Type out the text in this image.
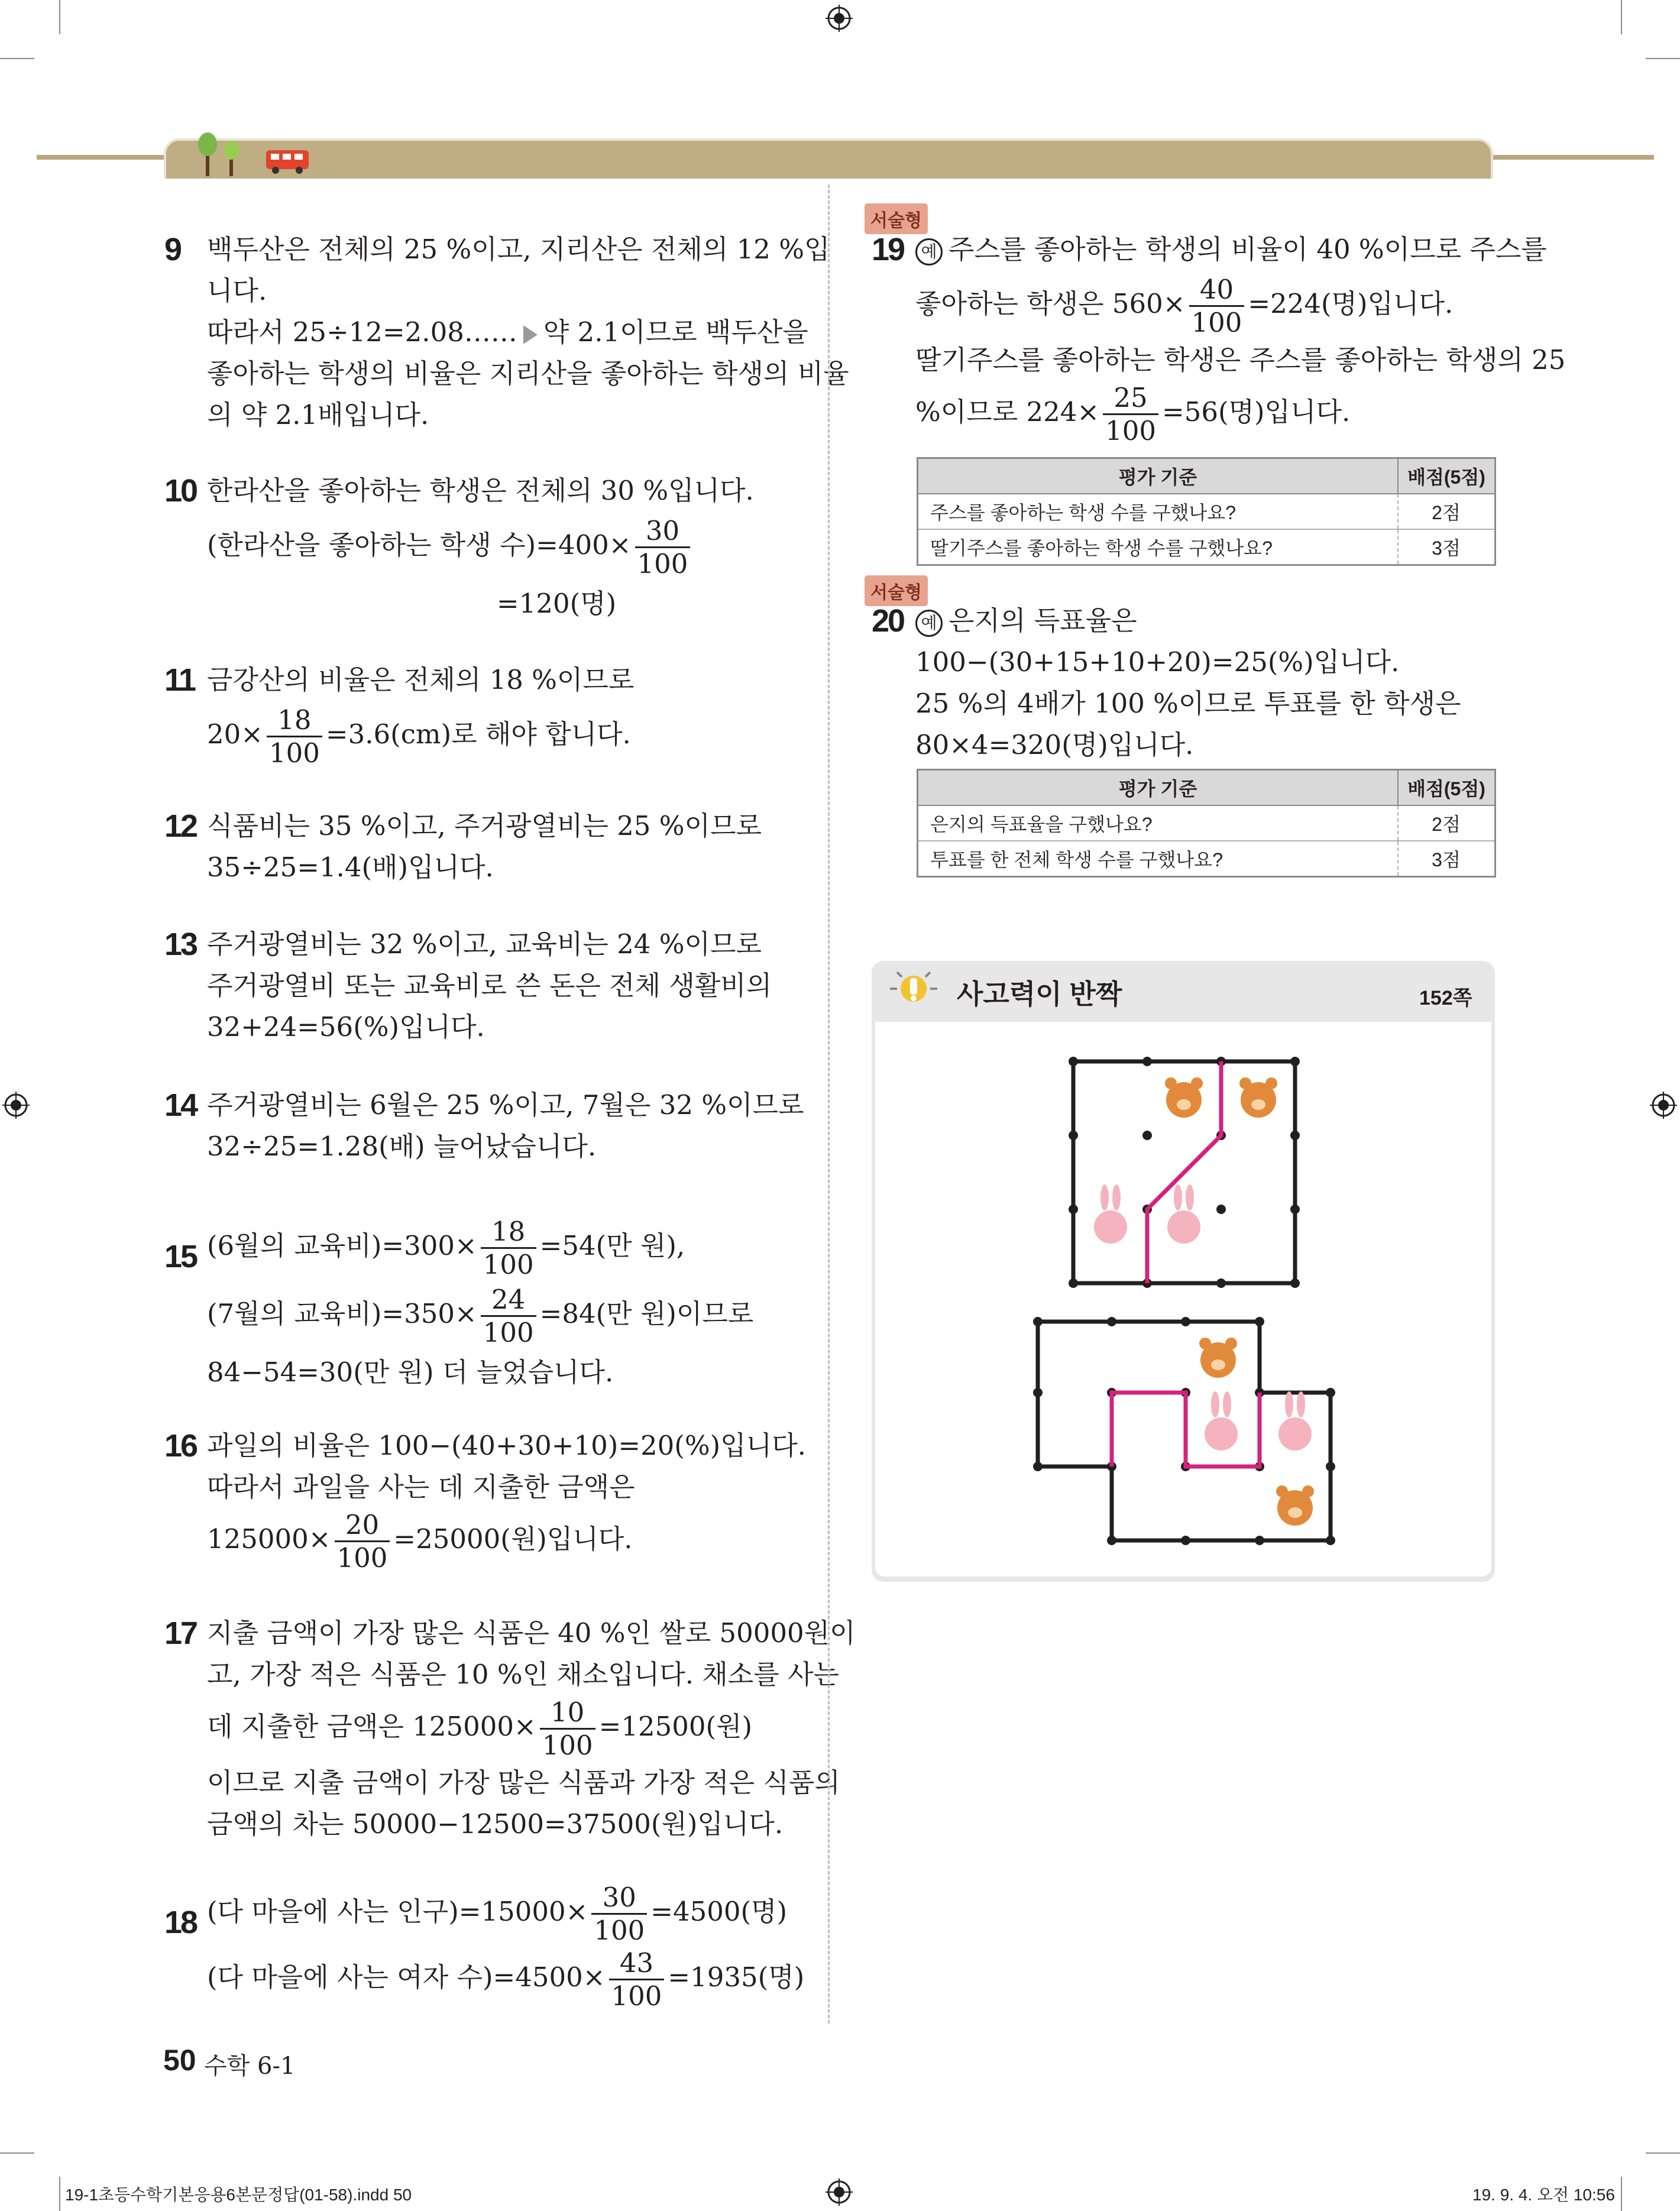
9 백두산은 전체의 25 %이고, 지리산은 전체의 12 %입
니다.
따라서 25÷12=2.08…… 약 2.1이므로 백두산을
좋아하는 학생의 비율은 지리산을 좋아하는 학생의 비율
의 약 2.1배입니다.
10 한라산을 좋아하는 학생은 전체의 30 %입니다.
(한라산을 좋아하는 학생 수)$=400\times \frac{30}{100}$
=120(명)
11 금강산의 비율은 전체의 18 %이므로
$20\times \frac{18}{100} =3.6(cm)$로 해야 합니다.
12 식품비는 35 %이고, 주거광열비는 25 %이므로
35÷25=1.4(배)입니다.
13 주거광열비는 32 %이고, 교육비는 24 %이므로
주거광열비 또는 교육비로 쓴 돈은 전체 생활비의
32+24=56(%)입니다.
14 주거광열비는 6월은 25 %이고, 7월은 32 %이므로
32÷25=1.28(배) 늘어났습니다.
15 (6월의 교육비)$=300\times \frac{18}{100} =54$(만 원),
(7월의 교육비)$=350\times \frac{24}{100} =84$(만 원)이므로
84−54=30(만 원) 더 늘었습니다.
16 과일의 비율은 100−(40+30+10)=20(%)입니다.
따라서 과일을 사는 데 지출한 금액은
$125000\times \frac{20}{100} =25000$(원)입니다.
17 지출 금액이 가장 많은 식품은 40 %인 쌀로 50000원이
고, 가장 적은 식품은 10 %인 채소입니다. 채소를 사는
데 지출한 금액은 $125000\times \frac{10}{100} =12500$(원)
이므로 지출 금액이 가장 많은 식품과 가장 적은 식품의
금액의 차는 50000−12500=37500(원)입니다.
18 (다 마을에 사는 인구)$=15000\times \frac{30}{100} =4500$(명)
(다 마을에 사는 여자 수)$=4500\times \frac{43}{100} =1935$(명)
서술형
19	예 주스를 좋아하는 학생의 비율이 40 %이므로 주스를
좋아하는 학생은 $560\times \frac{40}{100} =224$(명)입니다.
딸기주스를 좋아하는 학생은 주스를 좋아하는 학생의 25
%이므로 $224\times \frac{25}{100} =56$(명)입니다.
평가 기준	배점(5점)
주스를 좋아하는 학생 수를 구했나요?	2점
딸기주스를 좋아하는 학생 수를 구했나요?	3점
서술형
20	예 은지의 득표율은
100−(30+15+10+20)=25(%)입니다.
25 %의 4배가 100 %이므로 투표를 한 학생은
80×4=320(명)입니다.
평가 기준	배점(5점)
은지의 득표율을 구했나요?	2점
투표를 한 전체 학생 수를 구했나요?	3점
사고력이 반짝	152쪽
50 수학 6-1
19-1초등수학기본응용6본문정답(01-58).indd 50	19. 9. 4. 오전 10:56
